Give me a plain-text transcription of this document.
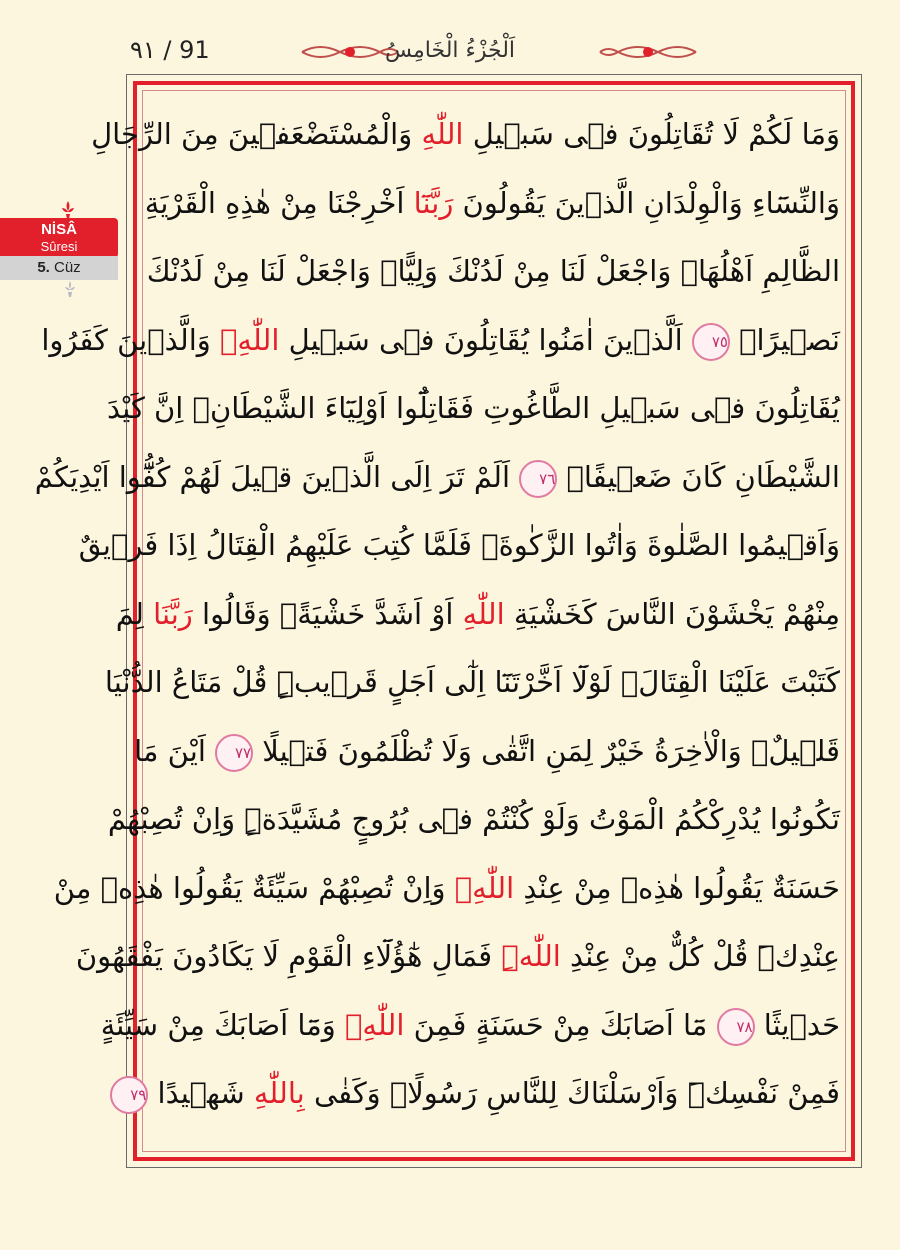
٩١ / 91	اَلْجُزْءُ الْخَامِسُ
NİSÂ
Sûresi
5. Cüz
وَمَا لَكُمْ لَا تُقَاتِلُونَ فٖى سَبٖيلِ اللّٰهِ وَالْمُسْتَضْعَفٖينَ مِنَ الرِّجَالِ
وَالنِّسَٓاءِ وَالْوِلْدَانِ الَّذٖينَ يَقُولُونَ رَبَّنَٓا اَخْرِجْنَا مِنْ هٰذِهِ الْقَرْيَةِ
الظَّالِمِ اَهْلُهَاۚ وَاجْعَلْ لَنَا مِنْ لَدُنْكَ وَلِيًّاۚ وَاجْعَلْ لَنَا مِنْ لَدُنْكَ
نَصٖيرًاۜ ٧٥ اَلَّذٖينَ اٰمَنُوا يُقَاتِلُونَ فٖى سَبٖيلِ اللّٰهِۚ وَالَّذٖينَ كَفَرُوا
يُقَاتِلُونَ فٖى سَبٖيلِ الطَّاغُوتِ فَقَاتِلُٓوا اَوْلِيَٓاءَ الشَّيْطَانِۚ اِنَّ كَيْدَ
الشَّيْطَانِ كَانَ ضَعٖيفًاۘ ٧٦ اَلَمْ تَرَ اِلَى الَّذٖينَ قٖيلَ لَهُمْ كُفُّٓوا اَيْدِيَكُمْ
وَاَقٖيمُوا الصَّلٰوةَ وَاٰتُوا الزَّكٰوةَۚ فَلَمَّا كُتِبَ عَلَيْهِمُ الْقِتَالُ اِذَا فَرٖيقٌ
مِنْهُمْ يَخْشَوْنَ النَّاسَ كَخَشْيَةِ اللّٰهِ اَوْ اَشَدَّ خَشْيَةًۚ وَقَالُوا رَبَّنَا لِمَ
كَتَبْتَ عَلَيْنَا الْقِتَالَۚ لَوْلَٓا اَخَّرْتَنَٓا اِلٰٓى اَجَلٍ قَرٖيبٍۜ قُلْ مَتَاعُ الدُّنْيَا
قَلٖيلٌۚ وَالْاٰخِرَةُ خَيْرٌ لِمَنِ اتَّقٰى وَلَا تُظْلَمُونَ فَتٖيلًا ٧٧ اَيْنَ مَا
تَكُونُوا يُدْرِكْكُمُ الْمَوْتُ وَلَوْ كُنْتُمْ فٖى بُرُوجٍ مُشَيَّدَةٍۜ وَاِنْ تُصِبْهُمْ
حَسَنَةٌ يَقُولُوا هٰذِهٖ مِنْ عِنْدِ اللّٰهِۚ وَاِنْ تُصِبْهُمْ سَيِّئَةٌ يَقُولُوا هٰذِهٖ مِنْ
عِنْدِكَۜ قُلْ كُلٌّ مِنْ عِنْدِ اللّٰهِۜ فَمَالِ هٰٓؤُلَٓاءِ الْقَوْمِ لَا يَكَادُونَ يَفْقَهُونَ
حَدٖيثًا ٧٨ مَٓا اَصَابَكَ مِنْ حَسَنَةٍ فَمِنَ اللّٰهِۘ وَمَٓا اَصَابَكَ مِنْ سَيِّئَةٍ
فَمِنْ نَفْسِكَۜ وَاَرْسَلْنَاكَ لِلنَّاسِ رَسُولًاۜ وَكَفٰى بِاللّٰهِ شَهٖيدًا ٧٩
